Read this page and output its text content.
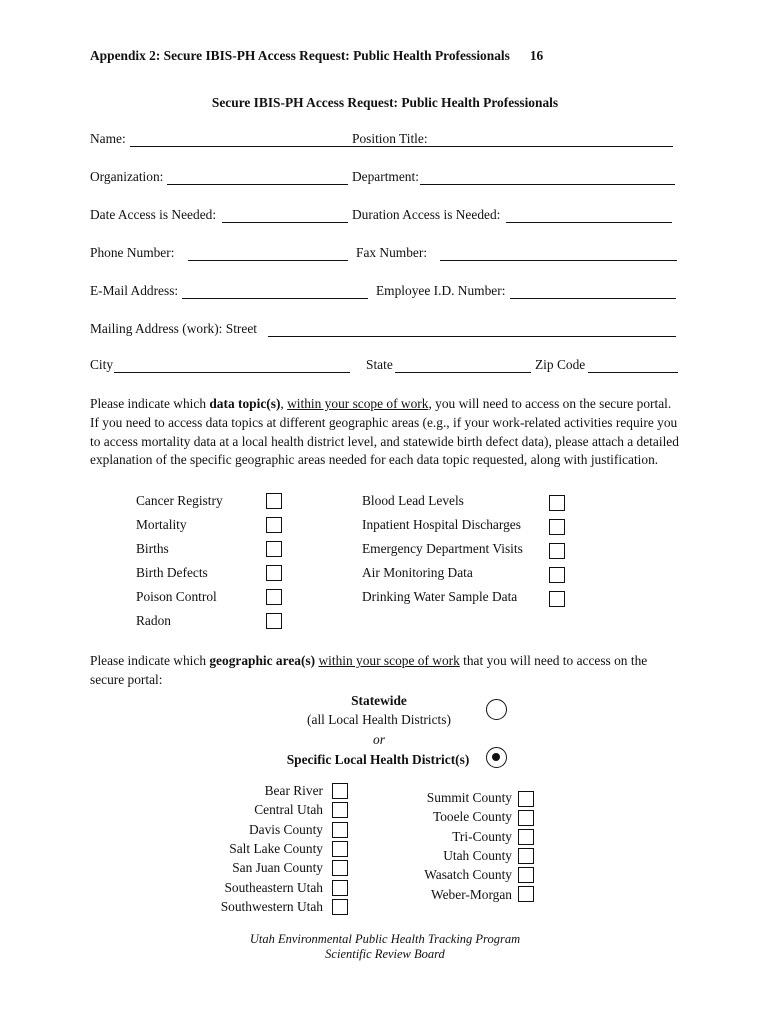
Appendix 2: Secure IBIS-PH Access Request: Public Health Professionals 16
Secure IBIS-PH Access Request: Public Health Professionals
Name:	Position Title:
Organization:	Department:
Date Access is Needed:	Duration Access is Needed:
Phone Number:	Fax Number:
E-Mail Address:	Employee I.D. Number:
Mailing Address (work): Street
City	State	Zip Code
Please indicate which data topic(s), within your scope of work, you will need to access on the secure portal. If you need to access data topics at different geographic areas (e.g., if your work-related activities require you to access mortality data at a local health district level, and statewide birth defect data), please attach a detailed explanation of the specific geographic areas needed for each data topic requested, along with justification.
Cancer Registry
Mortality
Births
Birth Defects
Poison Control
Radon
Blood Lead Levels
Inpatient Hospital Discharges
Emergency Department Visits
Air Monitoring Data
Drinking Water Sample Data
Please indicate which geographic area(s) within your scope of work that you will need to access on the secure portal:
Statewide
(all Local Health Districts)
or
Specific Local Health District(s)
Bear River
Central Utah
Davis County
Salt Lake County
San Juan County
Southeastern Utah
Southwestern Utah
Summit County
Tooele County
Tri-County
Utah County
Wasatch County
Weber-Morgan
Utah Environmental Public Health Tracking Program
Scientific Review Board
